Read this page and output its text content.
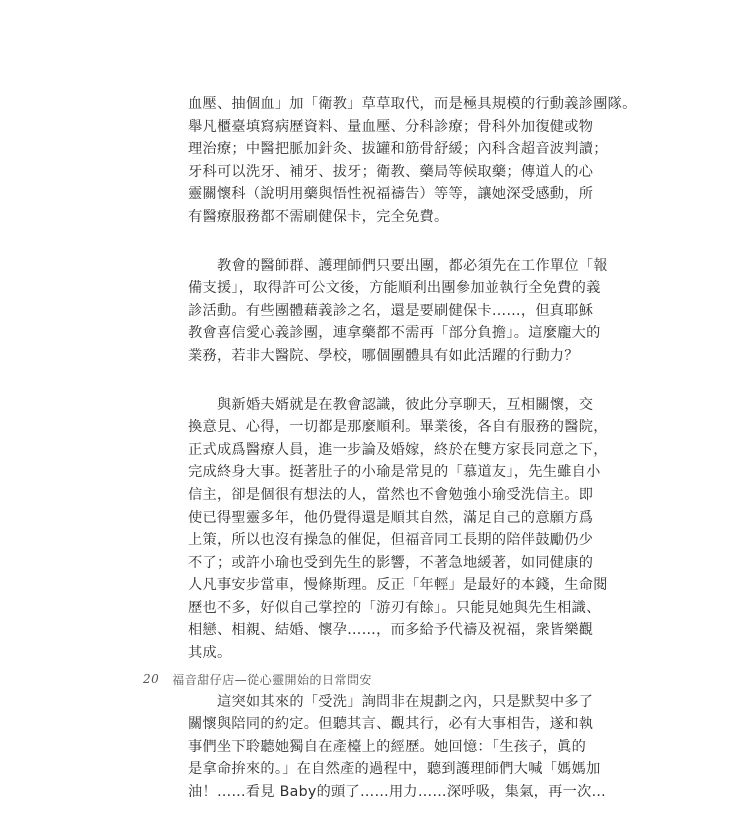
血壓、抽個血」加「衛教」草草取代，而是極具規模的行動義診團隊。
舉凡櫃臺填寫病歷資料、量血壓、分科診療；骨科外加復健或物
理治療；中醫把脈加針灸、拔罐和筋骨舒緩；內科含超音波判讀；
牙科可以洗牙、補牙、拔牙；衛教、藥局等候取藥；傳道人的心
靈關懷科（說明用藥與悟性祝福禱告）等等，讓她深受感動，所
有醫療服務都不需刷健保卡，完全免費。

教會的醫師群、護理師們只要出團，都必須先在工作單位「報
備支援」，取得許可公文後，方能順利出團參加並執行全免費的義
診活動。有些團體藉義診之名，還是要刷健保卡……，但真耶穌
教會喜信愛心義診團，連拿藥都不需再「部分負擔」。這麼龐大的
業務，若非大醫院、學校，哪個團體具有如此活躍的行動力？

與新婚夫婿就是在教會認識，彼此分享聊天，互相關懷，交
換意見、心得，一切都是那麼順利。畢業後，各自有服務的醫院，
正式成爲醫療人員，進一步論及婚嫁，終於在雙方家長同意之下，
完成終身大事。挺著肚子的小瑜是常見的「慕道友」，先生雖自小
信主，卻是個很有想法的人，當然也不會勉強小瑜受洗信主。即
使已得聖靈多年，他仍覺得還是順其自然，滿足自己的意願方爲
上策，所以也沒有操急的催促，但福音同工長期的陪伴鼓勵仍少
不了；或許小瑜也受到先生的影響，不著急地緩著，如同健康的
人凡事安步當車，慢條斯理。反正「年輕」是最好的本錢，生命閱
歷也不多，好似自己掌控的「游刃有餘」。只能見她與先生相識、
相戀、相親、結婚、懷孕……，而多給予代禱及祝福，衆皆樂觀
其成。

這突如其來的「受洗」詢問非在規劃之內，只是默契中多了
關懷與陪同的約定。但聽其言、觀其行，必有大事相告，遂和執
事們坐下聆聽她獨自在產檯上的經歷。她回憶：「生孩子，眞的
是拿命拚來的。」在自然產的過程中，聽到護理師們大喊「媽媽加
油！……看見 Baby的頭了……用力……深呼吸，集氣，再一次…

20 福音甜仔店—從心靈開始的日常問安
